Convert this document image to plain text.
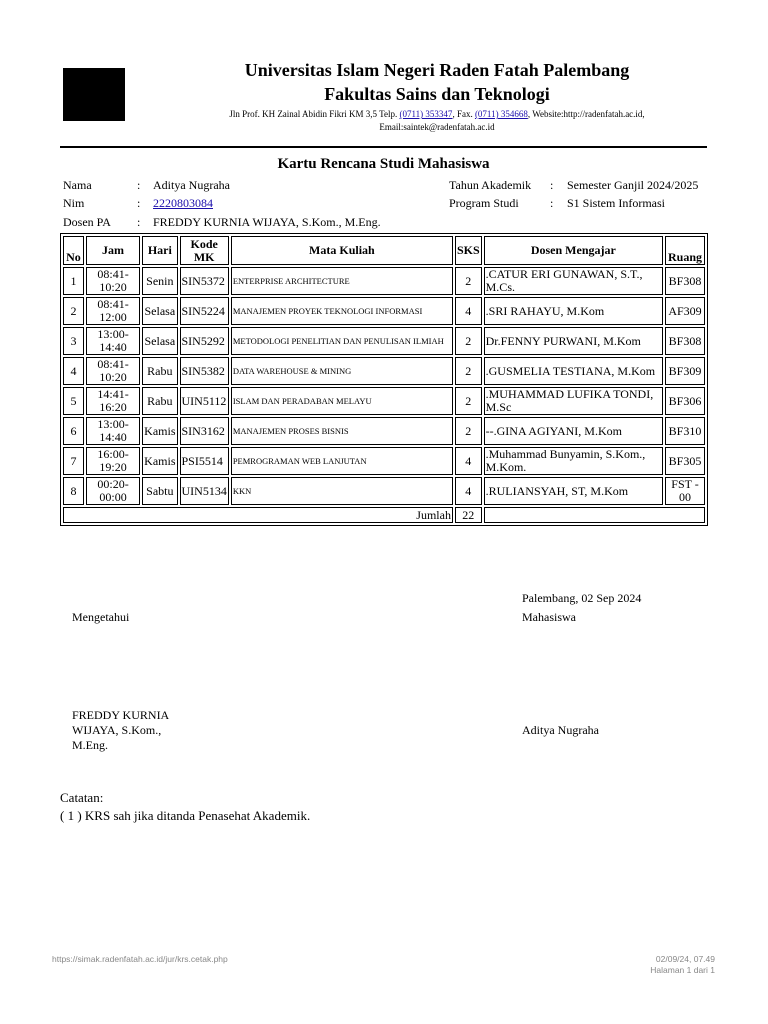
Universitas Islam Negeri Raden Fatah Palembang
Fakultas Sains dan Teknologi
Jln Prof. KH Zainal Abidin Fikri KM 3,5 Telp. (0711) 353347, Fax. (0711) 354668, Website:http://radenfatah.ac.id,
Email:saintek@radenfatah.ac.id
Kartu Rencana Studi Mahasiswa
Nama	: Aditya Nugraha
Nim	: 2220803084
Dosen PA : FREDDY KURNIA WIJAYA, S.Kom., M.Eng.
Tahun Akademik : Semester Ganjil 2024/2025
Program Studi	: S1 Sistem Informasi
No	Jam	Hari	Kode MK	Mata Kuliah	SKS	Dosen Mengajar	Ruang
1	08:41-
10:20	Senin	SIN5372	ENTERPRISE ARCHITECTURE	2	.CATUR ERI GUNAWAN, S.T., M.Cs.	BF308
2	08:41-
12:00	Selasa	SIN5224	MANAJEMEN PROYEK TEKNOLOGI INFORMASI	4	.SRI RAHAYU, M.Kom	AF309
3	13:00-
14:40	Selasa	SIN5292	METODOLOGI PENELITIAN DAN PENULISAN ILMIAH	2	Dr.FENNY PURWANI, M.Kom	BF308
4	08:41-
10:20	Rabu	SIN5382	DATA WAREHOUSE & MINING	2	.GUSMELIA TESTIANA, M.Kom	BF309
5	14:41-
16:20	Rabu	UIN5112	ISLAM DAN PERADABAN MELAYU	2	.MUHAMMAD LUFIKA TONDI, M.Sc	BF306
6	13:00-
14:40	Kamis	SIN3162	MANAJEMEN PROSES BISNIS	2	--.GINA AGIYANI, M.Kom	BF310
7	16:00-
19:20	Kamis	PSI5514	PEMROGRAMAN WEB LANJUTAN	4	.Muhammad Bunyamin, S.Kom., M.Kom.	BF305
8	00:20-
00:00	Sabtu	UIN5134	KKN	4	.RULIANSYAH, ST, M.Kom	FST - 00
Jumlah					22		
Palembang, 02 Sep 2024
Mengetahui	Mahasiswa
FREDDY KURNIA
WIJAYA, S.Kom.,
M.Eng.
Aditya Nugraha
Catatan:
( 1 ) KRS sah jika ditanda Penasehat Akademik.
https://simak.radenfatah.ac.id/jur/krs.cetak.php	02/09/24, 07.49
Halaman 1 dari 1
